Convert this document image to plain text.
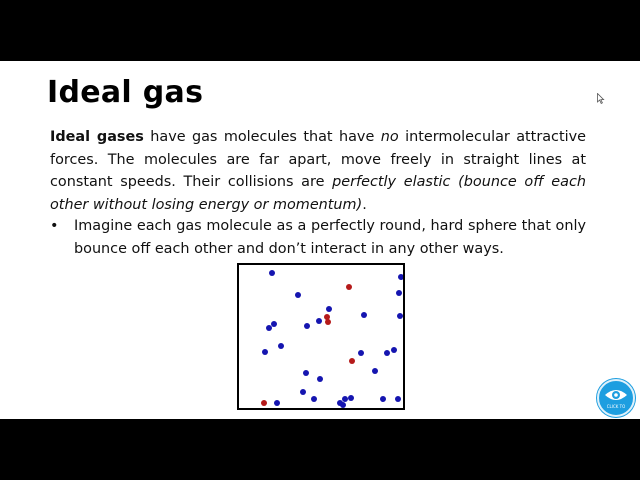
Ideal gas
Ideal gases have gas molecules that have no intermolecular attractive forces. The molecules are far apart, move freely in straight lines at constant speeds. Their collisions are perfectly elastic (bounce off each other without losing energy or momentum).
•	Imagine each gas molecule as a perfectly round, hard sphere that only bounce off each other and don’t interact in any other ways.
CLICK TO
